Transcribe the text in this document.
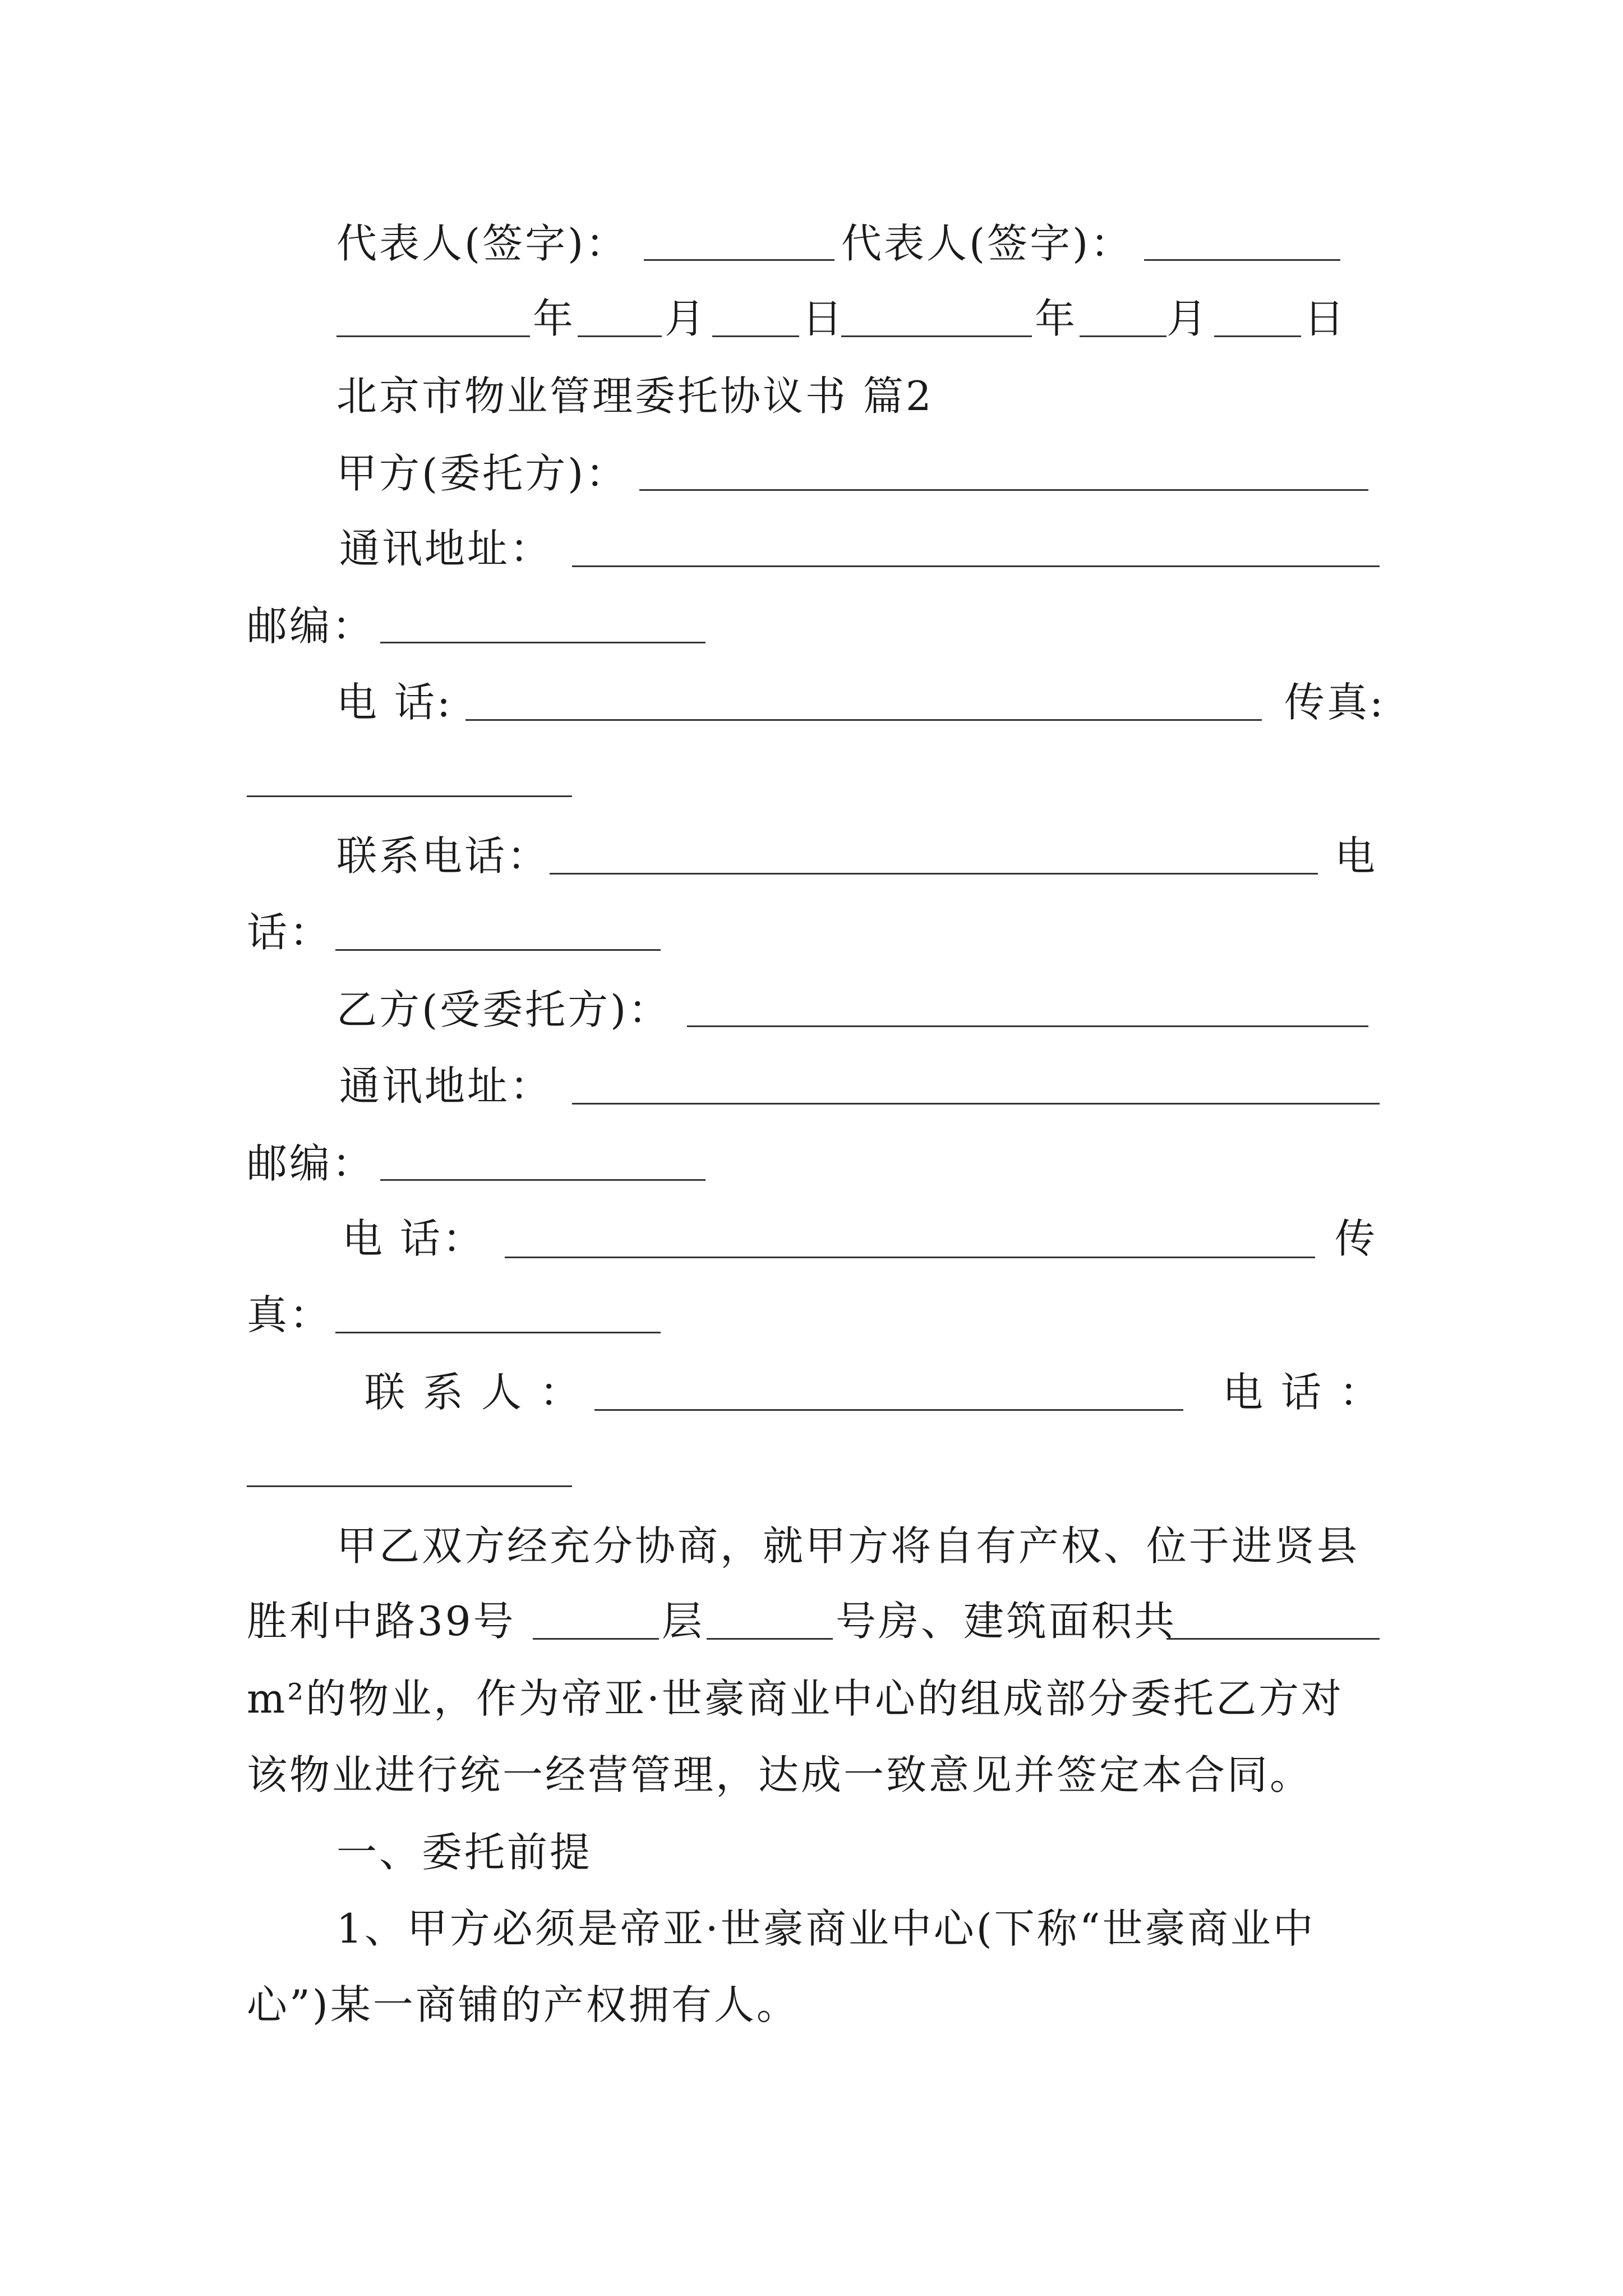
代表人(签字)：	代表人(签字)：
年 月 日	年 月 日
北京市物业管理委托协议书 篇2
甲方(委托方)：
通讯地址：
邮编：
电 话:	传真:
联系电话：	电
话：
乙方(受委托方)：
通讯地址：
邮编：
电 话：	传
真：
联系人：	电话：
甲乙双方经充分协商，就甲方将自有产权、位于进贤县
胜利中路39号	层	号房、建筑面积共
m²的物业，作为帝亚·世豪商业中心的组成部分委托乙方对
该物业进行统一经营管理，达成一致意见并签定本合同。
一、委托前提
1、甲方必须是帝亚·世豪商业中心(下称“世豪商业中
心”)某一商铺的产权拥有人。
